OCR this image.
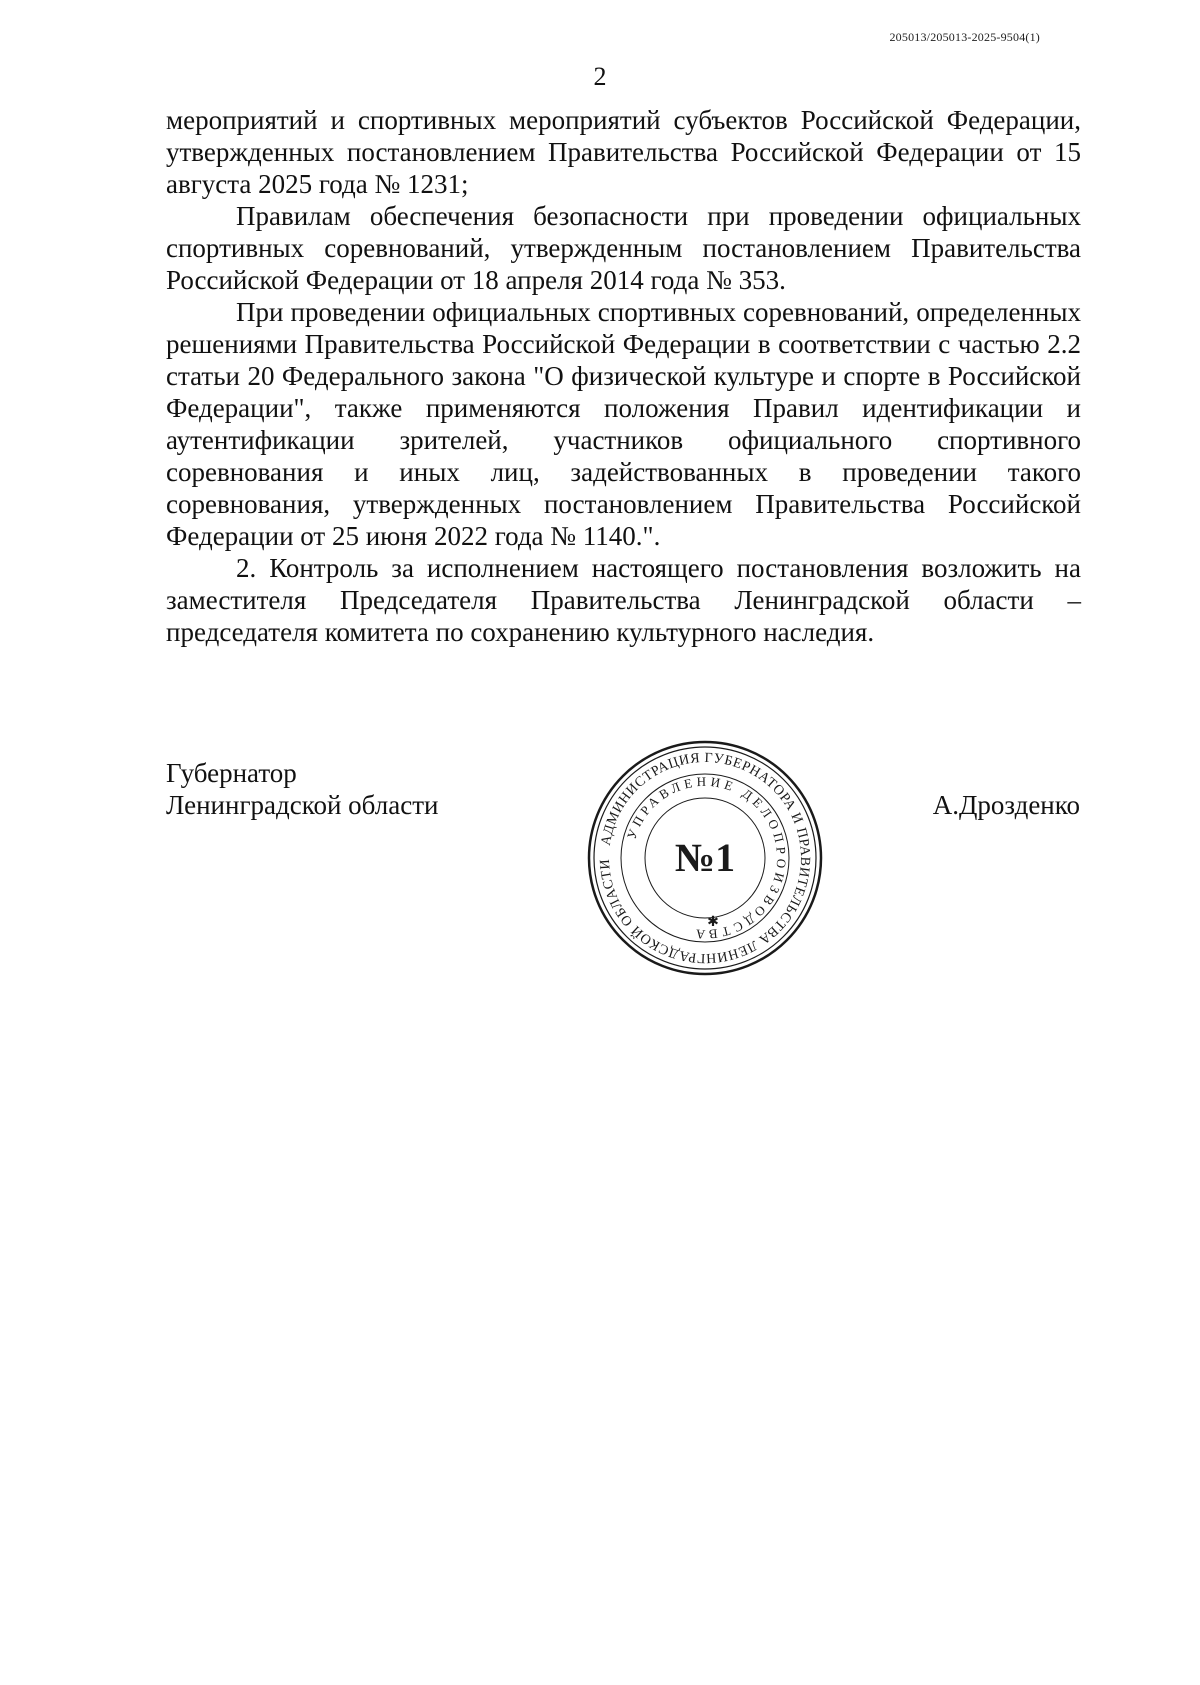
205013/205013-2025-9504(1)
2

мероприятий и спортивных мероприятий субъектов Российской Федерации, утвержденных постановлением Правительства Российской Федерации от 15 августа 2025 года № 1231;

Правилам обеспечения безопасности при проведении официальных спортивных соревнований, утвержденным постановлением Правительства Российской Федерации от 18 апреля 2014 года № 353.

При проведении официальных спортивных соревнований, определенных решениями Правительства Российской Федерации в соответствии с частью 2.2 статьи 20 Федерального закона "О физической культуре и спорте в Российской Федерации", также применяются положения Правил идентификации и аутентификации зрителей, участников официального спортивного соревнования и иных лиц, задействованных в проведении такого соревнования, утвержденных постановлением Правительства Российской Федерации от 25 июня 2022 года № 1140.".

2. Контроль за исполнением настоящего постановления возложить на заместителя Председателя Правительства Ленинградской области – председателя комитета по сохранению культурного наследия.

Губернатор
Ленинградской области	А.Дрозденко
АДМИНИСТРАЦИЯ ГУБЕРНАТОРА И ПРАВИТЕЛЬСТВА ЛЕНИНГРАДСКОЙ ОБЛАСТИ
УПРАВЛЕНИЕ ДЕЛОПРОИЗВОДСТВА
№1
✱
